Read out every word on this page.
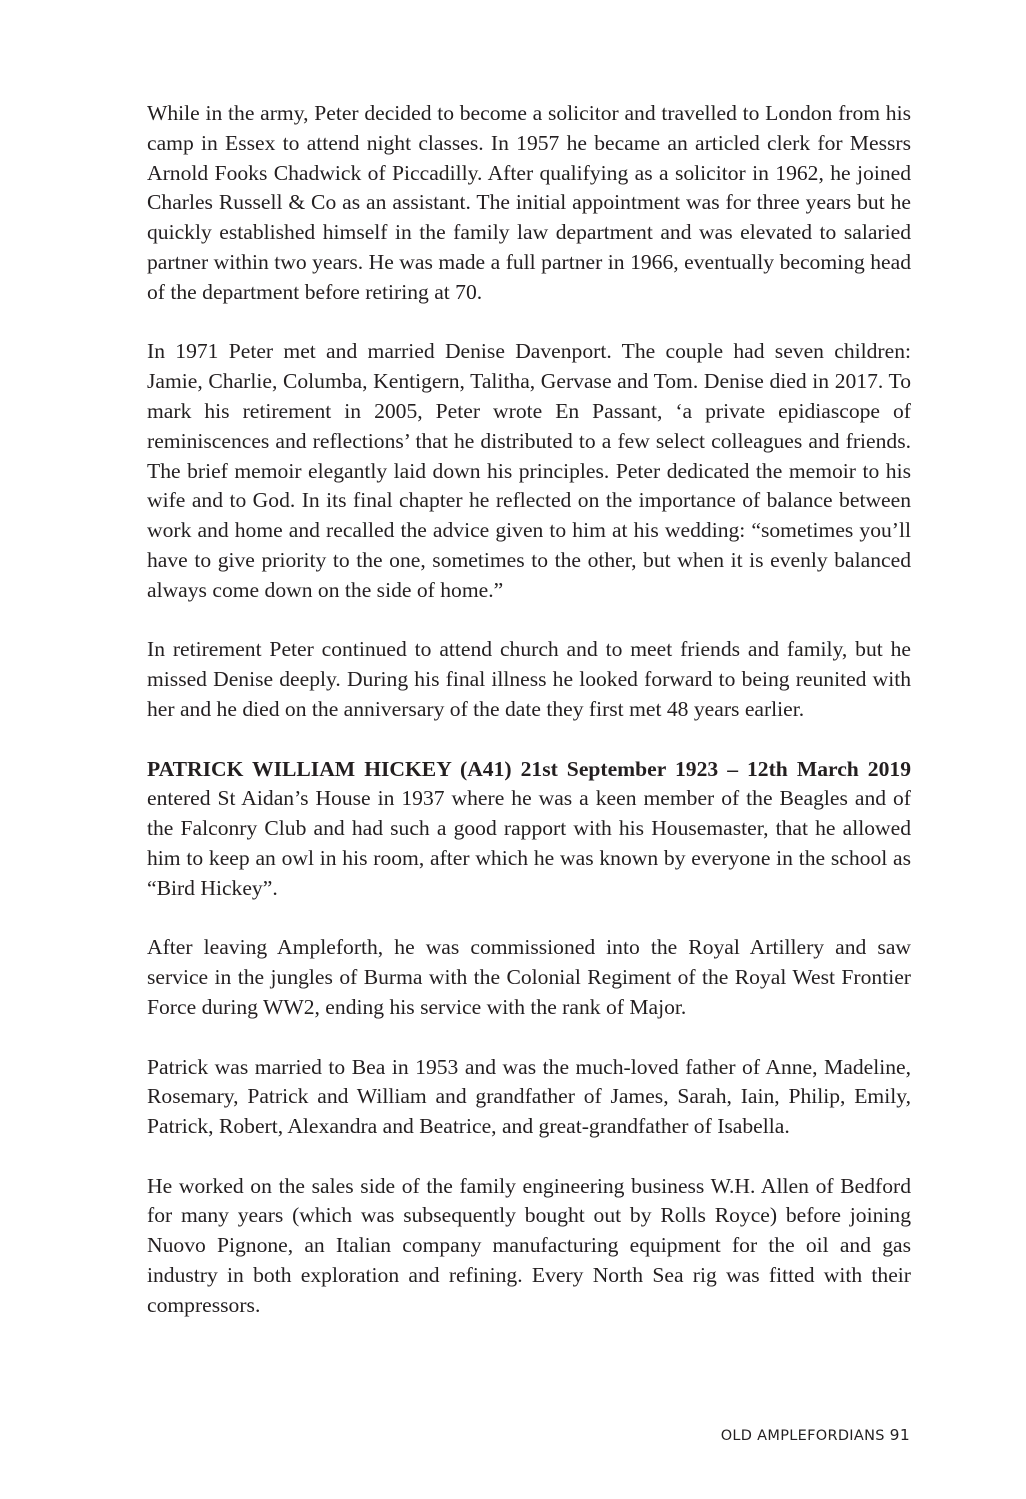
While in the army, Peter decided to become a solicitor and travelled to London from his camp in Essex to attend night classes. In 1957 he became an articled clerk for Messrs Arnold Fooks Chadwick of Piccadilly. After qualifying as a solicitor in 1962, he joined Charles Russell & Co as an assistant. The initial appointment was for three years but he quickly established himself in the family law department and was elevated to salaried partner within two years. He was made a full partner in 1966, eventually becoming head of the department before retiring at 70.

In 1971 Peter met and married Denise Davenport. The couple had seven children: Jamie, Charlie, Columba, Kentigern, Talitha, Gervase and Tom. Denise died in 2017. To mark his retirement in 2005, Peter wrote En Passant, ‘a private epidiascope of reminiscences and reflections’ that he distributed to a few select colleagues and friends. The brief memoir elegantly laid down his principles. Peter dedicated the memoir to his wife and to God. In its final chapter he reflected on the importance of balance between work and home and recalled the advice given to him at his wedding: “sometimes you’ll have to give priority to the one, sometimes to the other, but when it is evenly balanced always come down on the side of home.”

In retirement Peter continued to attend church and to meet friends and family, but he missed Denise deeply. During his final illness he looked forward to being reunited with her and he died on the anniversary of the date they first met 48 years earlier.

PATRICK WILLIAM HICKEY (A41) 21st September 1923 – 12th March 2019 entered St Aidan’s House in 1937 where he was a keen member of the Beagles and of the Falconry Club and had such a good rapport with his Housemaster, that he allowed him to keep an owl in his room, after which he was known by everyone in the school as “Bird Hickey”.

After leaving Ampleforth, he was commissioned into the Royal Artillery and saw service in the jungles of Burma with the Colonial Regiment of the Royal West Frontier Force during WW2, ending his service with the rank of Major.

Patrick was married to Bea in 1953 and was the much-loved father of Anne, Madeline, Rosemary, Patrick and William and grandfather of James, Sarah, Iain, Philip, Emily, Patrick, Robert, Alexandra and Beatrice, and great-grandfather of Isabella.

He worked on the sales side of the family engineering business W.H. Allen of Bedford for many years (which was subsequently bought out by Rolls Royce) before joining Nuovo Pignone, an Italian company manufacturing equipment for the oil and gas industry in both exploration and refining. Every North Sea rig was fitted with their compressors.

OLD AMPLEFORDIANS 91
